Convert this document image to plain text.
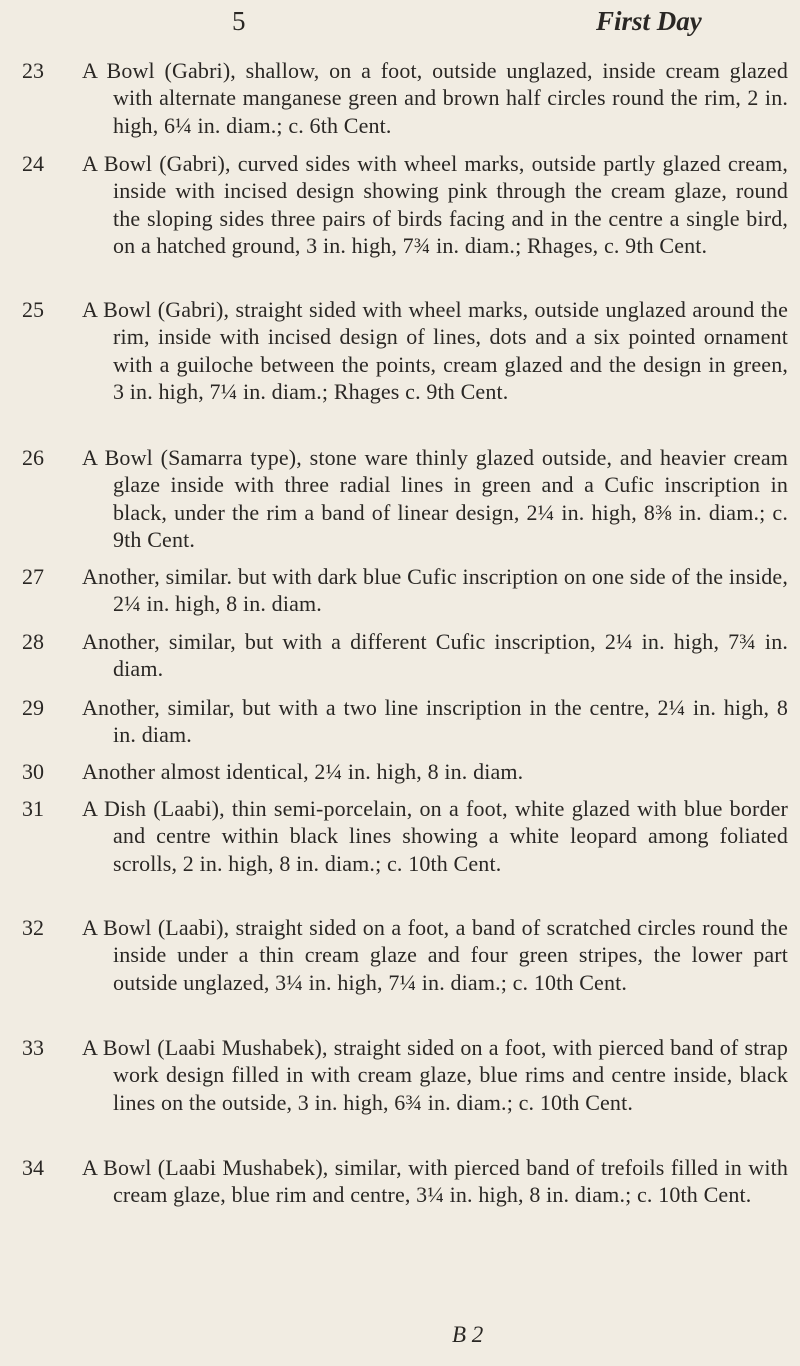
5	First Day
23	A Bowl (Gabri), shallow, on a foot, outside unglazed, inside cream glazed with alternate manganese green and brown half circles round the rim, 2 in. high, 6¼ in. diam.; c. 6th Cent.
24	A Bowl (Gabri), curved sides with wheel marks, outside partly glazed cream, inside with incised design showing pink through the cream glaze, round the sloping sides three pairs of birds facing and in the centre a single bird, on a hatched ground, 3 in. high, 7¾ in. diam.; Rhages, c. 9th Cent.
25	A Bowl (Gabri), straight sided with wheel marks, outside unglazed around the rim, inside with incised design of lines, dots and a six pointed ornament with a guiloche between the points, cream glazed and the design in green, 3 in. high, 7¼ in. diam.; Rhages c. 9th Cent.
26	A Bowl (Samarra type), stone ware thinly glazed outside, and heavier cream glaze inside with three radial lines in green and a Cufic inscription in black, under the rim a band of linear design, 2¼ in. high, 8⅜ in. diam.; c. 9th Cent.
27	Another, similar. but with dark blue Cufic inscription on one side of the inside, 2¼ in. high, 8 in. diam.
28	Another, similar, but with a different Cufic inscription, 2¼ in. high, 7¾ in. diam.
29	Another, similar, but with a two line inscription in the centre, 2¼ in. high, 8 in. diam.
30	Another almost identical, 2¼ in. high, 8 in. diam.
31	A Dish (Laabi), thin semi-porcelain, on a foot, white glazed with blue border and centre within black lines showing a white leopard among foliated scrolls, 2 in. high, 8 in. diam.; c. 10th Cent.
32	A Bowl (Laabi), straight sided on a foot, a band of scratched circles round the inside under a thin cream glaze and four green stripes, the lower part outside unglazed, 3¼ in. high, 7¼ in. diam.; c. 10th Cent.
33	A Bowl (Laabi Mushabek), straight sided on a foot, with pierced band of strap work design filled in with cream glaze, blue rims and centre inside, black lines on the outside, 3 in. high, 6¾ in. diam.; c. 10th Cent.
34	A Bowl (Laabi Mushabek), similar, with pierced band of trefoils filled in with cream glaze, blue rim and centre, 3¼ in. high, 8 in. diam.; c. 10th Cent.
B 2
